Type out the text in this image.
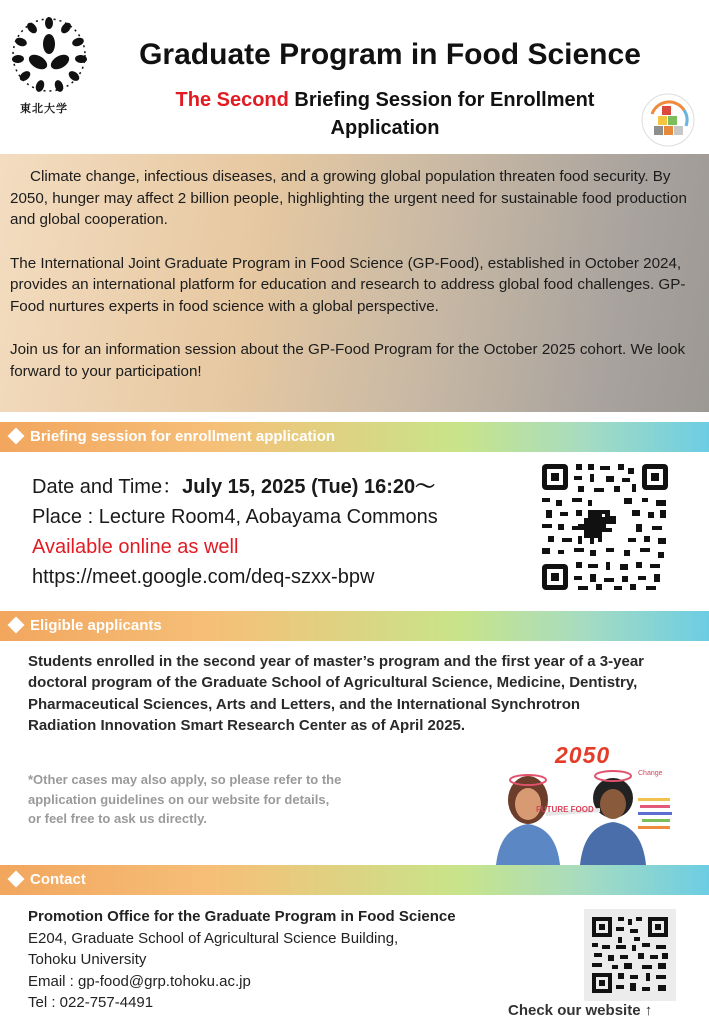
東北大学
Graduate Program in Food Science
The Second Briefing Session for Enrollment
Application

Climate change, infectious diseases, and a growing global population threaten food security. By 2050, hunger may affect 2 billion people, highlighting the urgent need for sustainable food production and global cooperation.

The International Joint Graduate Program in Food Science (GP-Food), established in October 2024, provides an international platform for education and research to address global food challenges. GP-Food nurtures experts in food science with a global perspective.

Join us for an information session about the GP-Food Program for the October 2025 cohort. We look forward to your participation!

Briefing session for enrollment application
Date and Time：July 15, 2025 (Tue) 16:20～
Place : Lecture Room4, Aobayama Commons
Available online as well
https://meet.google.com/deq-szxx-bpw
Eligible applicants

Students enrolled in the second year of master’s program and the first year of a 3-year doctoral program of the Graduate School of Agricultural Science, Medicine, Dentistry, Pharmaceutical Sciences, Arts and Letters, and the International Synchrotron Radiation Innovation Smart Research Center as of April 2025.

*Other cases may also apply, so please refer to the
application guidelines on our website for details,
or feel free to ask us directly.
FUTURE FOOD
Change
2050
Contact
Promotion Office for the Graduate Program in Food Science
E204, Graduate School of Agricultural Science Building,
Tohoku University
Email : gp-food@grp.tohoku.ac.jp
Tel : 022-757-4491	Check our website ↑
